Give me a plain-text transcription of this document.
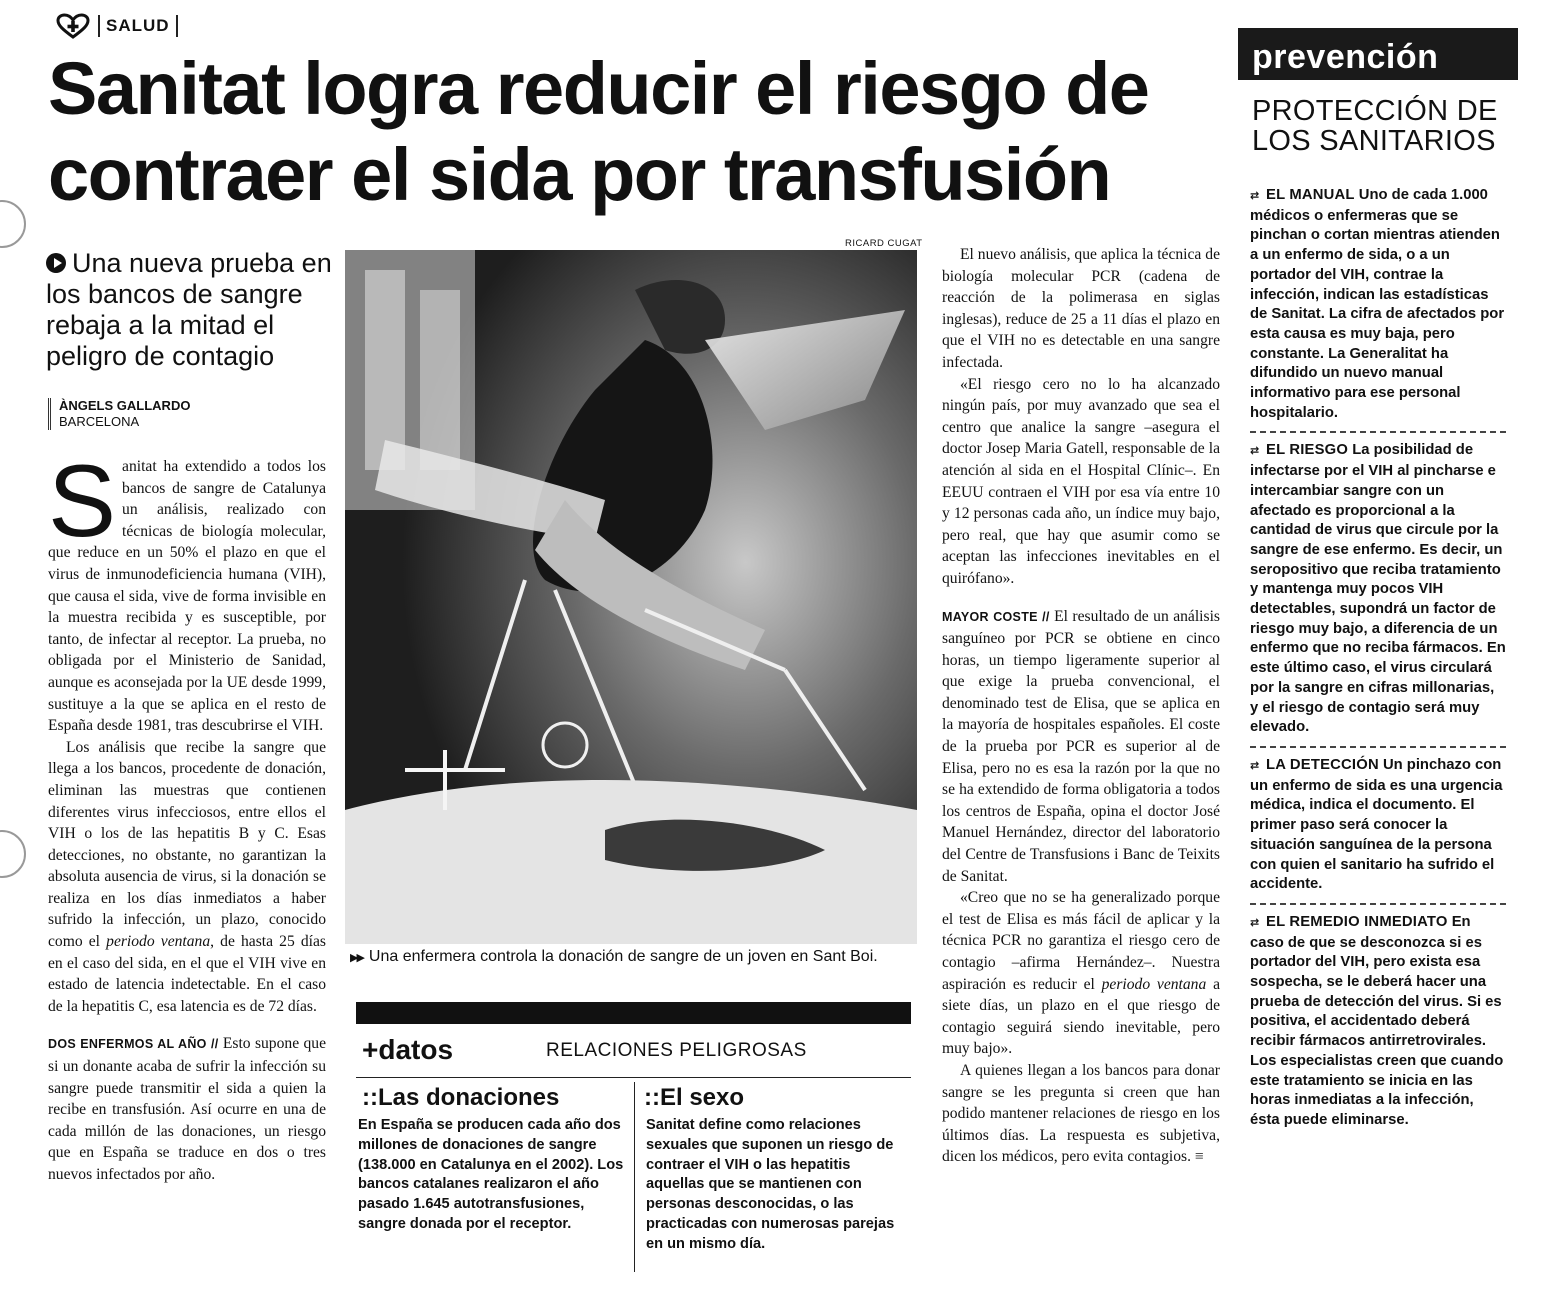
SALUD
Sanitat logra reducir el riesgo de contraer el sida por transfusión
Una nueva prueba en los bancos de sangre rebaja a la mitad el peligro de contagio
ÀNGELS GALLARDO
BARCELONA

Sanitat ha extendido a todos los bancos de sangre de Catalunya un análisis, realizado con técnicas de biología molecular, que reduce en un 50% el plazo en que el virus de inmunodeficiencia humana (VIH), que causa el sida, vive de forma invisible en la muestra recibida y es susceptible, por tanto, de infectar al receptor. La prueba, no obligada por el Ministerio de Sanidad, aunque es aconsejada por la UE desde 1999, sustituye a la que se aplica en el resto de España desde 1981, tras descubrirse el VIH.

Los análisis que recibe la sangre que llega a los bancos, procedente de donación, eliminan las muestras que contienen diferentes virus infecciosos, entre ellos el VIH o los de las hepatitis B y C. Esas detecciones, no obstante, no garantizan la absoluta ausencia de virus, si la donación se realiza en los días inmediatos a haber sufrido la infección, un plazo, conocido como el periodo ventana, de hasta 25 días en el caso del sida, en el que el VIH vive en estado de latencia indetectable. En el caso de la hepatitis C, esa latencia es de 72 días.

DOS ENFERMOS AL AÑO // Esto supone que si un donante acaba de sufrir la infección su sangre puede transmitir el sida a quien la recibe en transfusión. Así ocurre en una de cada millón de las donaciones, un riesgo que en España se traduce en dos o tres nuevos infectados por año.

RICARD CUGAT
▶▶ Una enfermera controla la donación de sangre de un joven en Sant Boi.
+datos	RELACIONES PELIGROSAS
::Las donaciones
En España se producen cada año dos millones de donaciones de sangre (138.000 en Catalunya en el 2002). Los bancos catalanes realizaron el año pasado 1.645 autotransfusiones, sangre donada por el receptor.
::El sexo
Sanitat define como relaciones sexuales que suponen un riesgo de contraer el VIH o las hepatitis aquellas que se mantienen con personas desconocidas, o las practicadas con numerosas parejas en un mismo día.

El nuevo análisis, que aplica la técnica de biología molecular PCR (cadena de reacción de la polimerasa en siglas inglesas), reduce de 25 a 11 días el plazo en que el VIH no es detectable en una sangre infectada.

«El riesgo cero no lo ha alcanzado ningún país, por muy avanzado que sea el centro que analice la sangre –asegura el doctor Josep Maria Gatell, responsable de la atención al sida en el Hospital Clínic–. En EEUU contraen el VIH por esa vía entre 10 y 12 personas cada año, un índice muy bajo, pero real, que hay que asumir como se aceptan las infecciones inevitables en el quirófano».

MAYOR COSTE // El resultado de un análisis sanguíneo por PCR se obtiene en cinco horas, un tiempo ligeramente superior al que exige la prueba convencional, el denominado test de Elisa, que se aplica en la mayoría de hospitales españoles. El coste de la prueba por PCR es superior al de Elisa, pero no es esa la razón por la que no se ha extendido de forma obligatoria a todos los centros de España, opina el doctor José Manuel Hernández, director del laboratorio del Centre de Transfusions i Banc de Teixits de Sanitat.

«Creo que no se ha generalizado porque el test de Elisa es más fácil de aplicar y la técnica PCR no garantiza el riesgo cero de contagio –afirma Hernández–. Nuestra aspiración es reducir el periodo ventana a siete días, un plazo en el que riesgo de contagio seguirá siendo inevitable, pero muy bajo».

A quienes llegan a los bancos para donar sangre se les pregunta si creen que han podido mantener relaciones de riesgo en los últimos días. La respuesta es subjetiva, dicen los médicos, pero evita contagios. ≡

prevención
PROTECCIÓN DE LOS SANITARIOS
⇄ EL MANUAL Uno de cada 1.000 médicos o enfermeras que se pinchan o cortan mientras atienden a un enfermo de sida, o a un portador del VIH, contrae la infección, indican las estadísticas de Sanitat. La cifra de afectados por esta causa es muy baja, pero constante. La Generalitat ha difundido un nuevo manual informativo para ese personal hospitalario.
⇄ EL RIESGO La posibilidad de infectarse por el VIH al pincharse e intercambiar sangre con un afectado es proporcional a la cantidad de virus que circule por la sangre de ese enfermo. Es decir, un seropositivo que reciba tratamiento y mantenga muy pocos VIH detectables, supondrá un factor de riesgo muy bajo, a diferencia de un enfermo que no reciba fármacos. En este último caso, el virus circulará por la sangre en cifras millonarias, y el riesgo de contagio será muy elevado.
⇄ LA DETECCIÓN Un pinchazo con un enfermo de sida es una urgencia médica, indica el documento. El primer paso será conocer la situación sanguínea de la persona con quien el sanitario ha sufrido el accidente.
⇄ EL REMEDIO INMEDIATO En caso de que se desconozca si es portador del VIH, pero exista esa sospecha, se le deberá hacer una prueba de detección del virus. Si es positiva, el accidentado deberá recibir fármacos antirretrovirales. Los especialistas creen que cuando este tratamiento se inicia en las horas inmediatas a la infección, ésta puede eliminarse.
